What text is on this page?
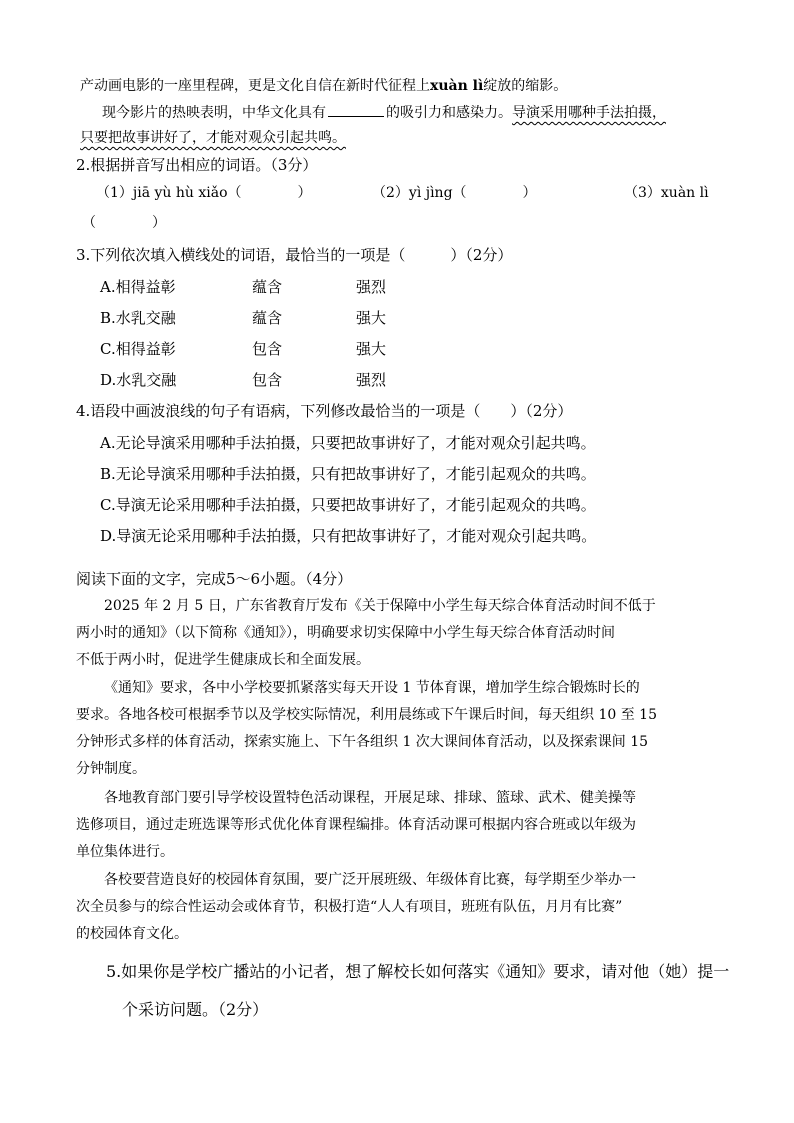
产动画电影的一座里程碑，更是文化自信在新时代征程上xuàn lì绽放的缩影。
现今影片的热映表明，中华文化具有	的吸引力和感染力。导演采用哪种手法拍摄，
只要把故事讲好了，才能对观众引起共鸣。
2.根据拼音写出相应的词语。（3分）
（1）jiā yù hù xiǎo（　　　　）	（2）yì jìng（　　　　）	（3）xuàn lì
（　　　　）
3.下列依次填入横线处的词语，最恰当的一项是（　　　）（2分）
A.相得益彰	蕴含	强烈
B.水乳交融	蕴含	强大
C.相得益彰	包含	强大
D.水乳交融	包含	强烈
4.语段中画波浪线的句子有语病，下列修改最恰当的一项是（　　）（2分）
A.无论导演采用哪种手法拍摄，只要把故事讲好了，才能对观众引起共鸣。
B.无论导演采用哪种手法拍摄，只有把故事讲好了，才能引起观众的共鸣。
C.导演无论采用哪种手法拍摄，只要把故事讲好了，才能引起观众的共鸣。
D.导演无论采用哪种手法拍摄，只有把故事讲好了，才能对观众引起共鸣。
阅读下面的文字，完成5～6小题。（4分）
2025 年 2 月 5 日，广东省教育厅发布《关于保障中小学生每天综合体育活动时间不低于
两小时的通知》（以下简称《通知》），明确要求切实保障中小学生每天综合体育活动时间
不低于两小时，促进学生健康成长和全面发展。
《通知》要求，各中小学校要抓紧落实每天开设 1 节体育课，增加学生综合锻炼时长的
要求。各地各校可根据季节以及学校实际情况，利用晨练或下午课后时间，每天组织 10 至 15
分钟形式多样的体育活动，探索实施上、下午各组织 1 次大课间体育活动，以及探索课间 15
分钟制度。
各地教育部门要引导学校设置特色活动课程，开展足球、排球、篮球、武术、健美操等
选修项目，通过走班选课等形式优化体育课程编排。体育活动课可根据内容合班或以年级为
单位集体进行。
各校要营造良好的校园体育氛围，要广泛开展班级、年级体育比赛，每学期至少举办一
次全员参与的综合性运动会或体育节，积极打造“人人有项目，班班有队伍，月月有比赛”
的校园体育文化。
5.如果你是学校广播站的小记者，想了解校长如何落实《通知》要求，请对他（她）提一
个采访问题。（2分）
